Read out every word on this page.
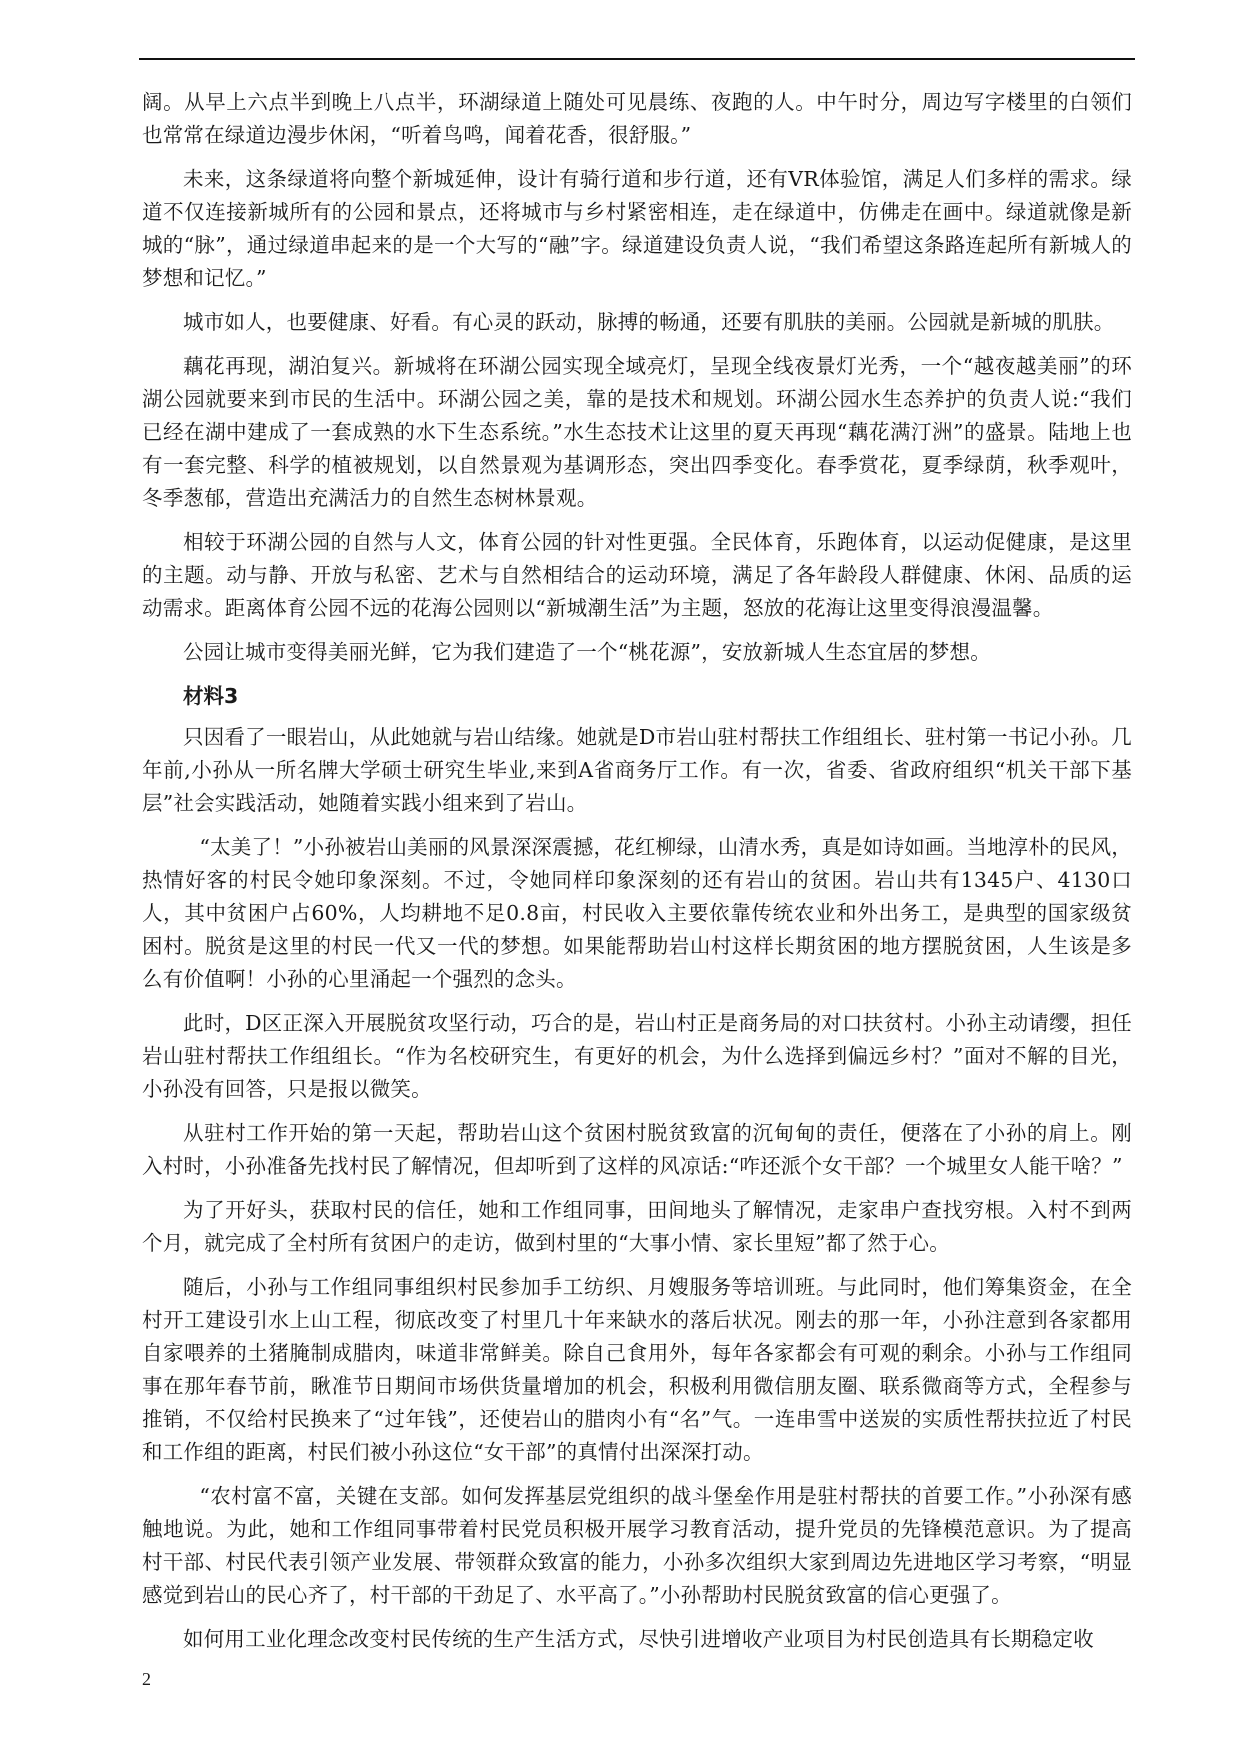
阔。从早上六点半到晚上八点半，环湖绿道上随处可见晨练、夜跑的人。中午时分，周边写字楼里的白领们也常常在绿道边漫步休闲，“听着鸟鸣，闻着花香，很舒服。”

未来，这条绿道将向整个新城延伸，设计有骑行道和步行道，还有VR体验馆，满足人们多样的需求。绿道不仅连接新城所有的公园和景点，还将城市与乡村紧密相连，走在绿道中，仿佛走在画中。绿道就像是新城的“脉”，通过绿道串起来的是一个大写的“融”字。绿道建设负责人说，“我们希望这条路连起所有新城人的梦想和记忆。”

城市如人，也要健康、好看。有心灵的跃动，脉搏的畅通，还要有肌肤的美丽。公园就是新城的肌肤。

藕花再现，湖泊复兴。新城将在环湖公园实现全域亮灯，呈现全线夜景灯光秀，一个“越夜越美丽”的环湖公园就要来到市民的生活中。环湖公园之美，靠的是技术和规划。环湖公园水生态养护的负责人说:“我们已经在湖中建成了一套成熟的水下生态系统。”水生态技术让这里的夏天再现“藕花满汀洲”的盛景。陆地上也有一套完整、科学的植被规划，以自然景观为基调形态，突出四季变化。春季赏花，夏季绿荫，秋季观叶，冬季葱郁，营造出充满活力的自然生态树林景观。

相较于环湖公园的自然与人文，体育公园的针对性更强。全民体育，乐跑体育，以运动促健康，是这里的主题。动与静、开放与私密、艺术与自然相结合的运动环境，满足了各年龄段人群健康、休闲、品质的运动需求。距离体育公园不远的花海公园则以“新城潮生活”为主题，怒放的花海让这里变得浪漫温馨。

公园让城市变得美丽光鲜，它为我们建造了一个“桃花源”，安放新城人生态宜居的梦想。

材料3

只因看了一眼岩山，从此她就与岩山结缘。她就是D市岩山驻村帮扶工作组组长、驻村第一书记小孙。几年前,小孙从一所名牌大学硕士研究生毕业,来到A省商务厅工作。有一次，省委、省政府组织“机关干部下基层”社会实践活动，她随着实践小组来到了岩山。

“太美了！”小孙被岩山美丽的风景深深震撼，花红柳绿，山清水秀，真是如诗如画。当地淳朴的民风，热情好客的村民令她印象深刻。不过，令她同样印象深刻的还有岩山的贫困。岩山共有1345户、4130口人，其中贫困户占60%，人均耕地不足0.8亩，村民收入主要依靠传统农业和外出务工，是典型的国家级贫困村。脱贫是这里的村民一代又一代的梦想。如果能帮助岩山村这样长期贫困的地方摆脱贫困，人生该是多么有价值啊！小孙的心里涌起一个强烈的念头。

此时，D区正深入开展脱贫攻坚行动，巧合的是，岩山村正是商务局的对口扶贫村。小孙主动请缨，担任岩山驻村帮扶工作组组长。“作为名校研究生，有更好的机会，为什么选择到偏远乡村？”面对不解的目光，小孙没有回答，只是报以微笑。

从驻村工作开始的第一天起，帮助岩山这个贫困村脱贫致富的沉甸甸的责任，便落在了小孙的肩上。刚入村时，小孙准备先找村民了解情况，但却听到了这样的风凉话:“咋还派个女干部？一个城里女人能干啥？”

为了开好头，获取村民的信任，她和工作组同事，田间地头了解情况，走家串户查找穷根。入村不到两个月，就完成了全村所有贫困户的走访，做到村里的“大事小情、家长里短”都了然于心。

随后，小孙与工作组同事组织村民参加手工纺织、月嫂服务等培训班。与此同时，他们筹集资金，在全村开工建设引水上山工程，彻底改变了村里几十年来缺水的落后状况。刚去的那一年，小孙注意到各家都用自家喂养的土猪腌制成腊肉，味道非常鲜美。除自己食用外，每年各家都会有可观的剩余。小孙与工作组同事在那年春节前，瞅准节日期间市场供货量增加的机会，积极利用微信朋友圈、联系微商等方式，全程参与推销，不仅给村民换来了“过年钱”，还使岩山的腊肉小有“名”气。一连串雪中送炭的实质性帮扶拉近了村民和工作组的距离，村民们被小孙这位“女干部”的真情付出深深打动。

“农村富不富，关键在支部。如何发挥基层党组织的战斗堡垒作用是驻村帮扶的首要工作。”小孙深有感触地说。为此，她和工作组同事带着村民党员积极开展学习教育活动，提升党员的先锋模范意识。为了提高村干部、村民代表引领产业发展、带领群众致富的能力，小孙多次组织大家到周边先进地区学习考察，“明显感觉到岩山的民心齐了，村干部的干劲足了、水平高了。”小孙帮助村民脱贫致富的信心更强了。

如何用工业化理念改变村民传统的生产生活方式，尽快引进增收产业项目为村民创造具有长期稳定收

2
